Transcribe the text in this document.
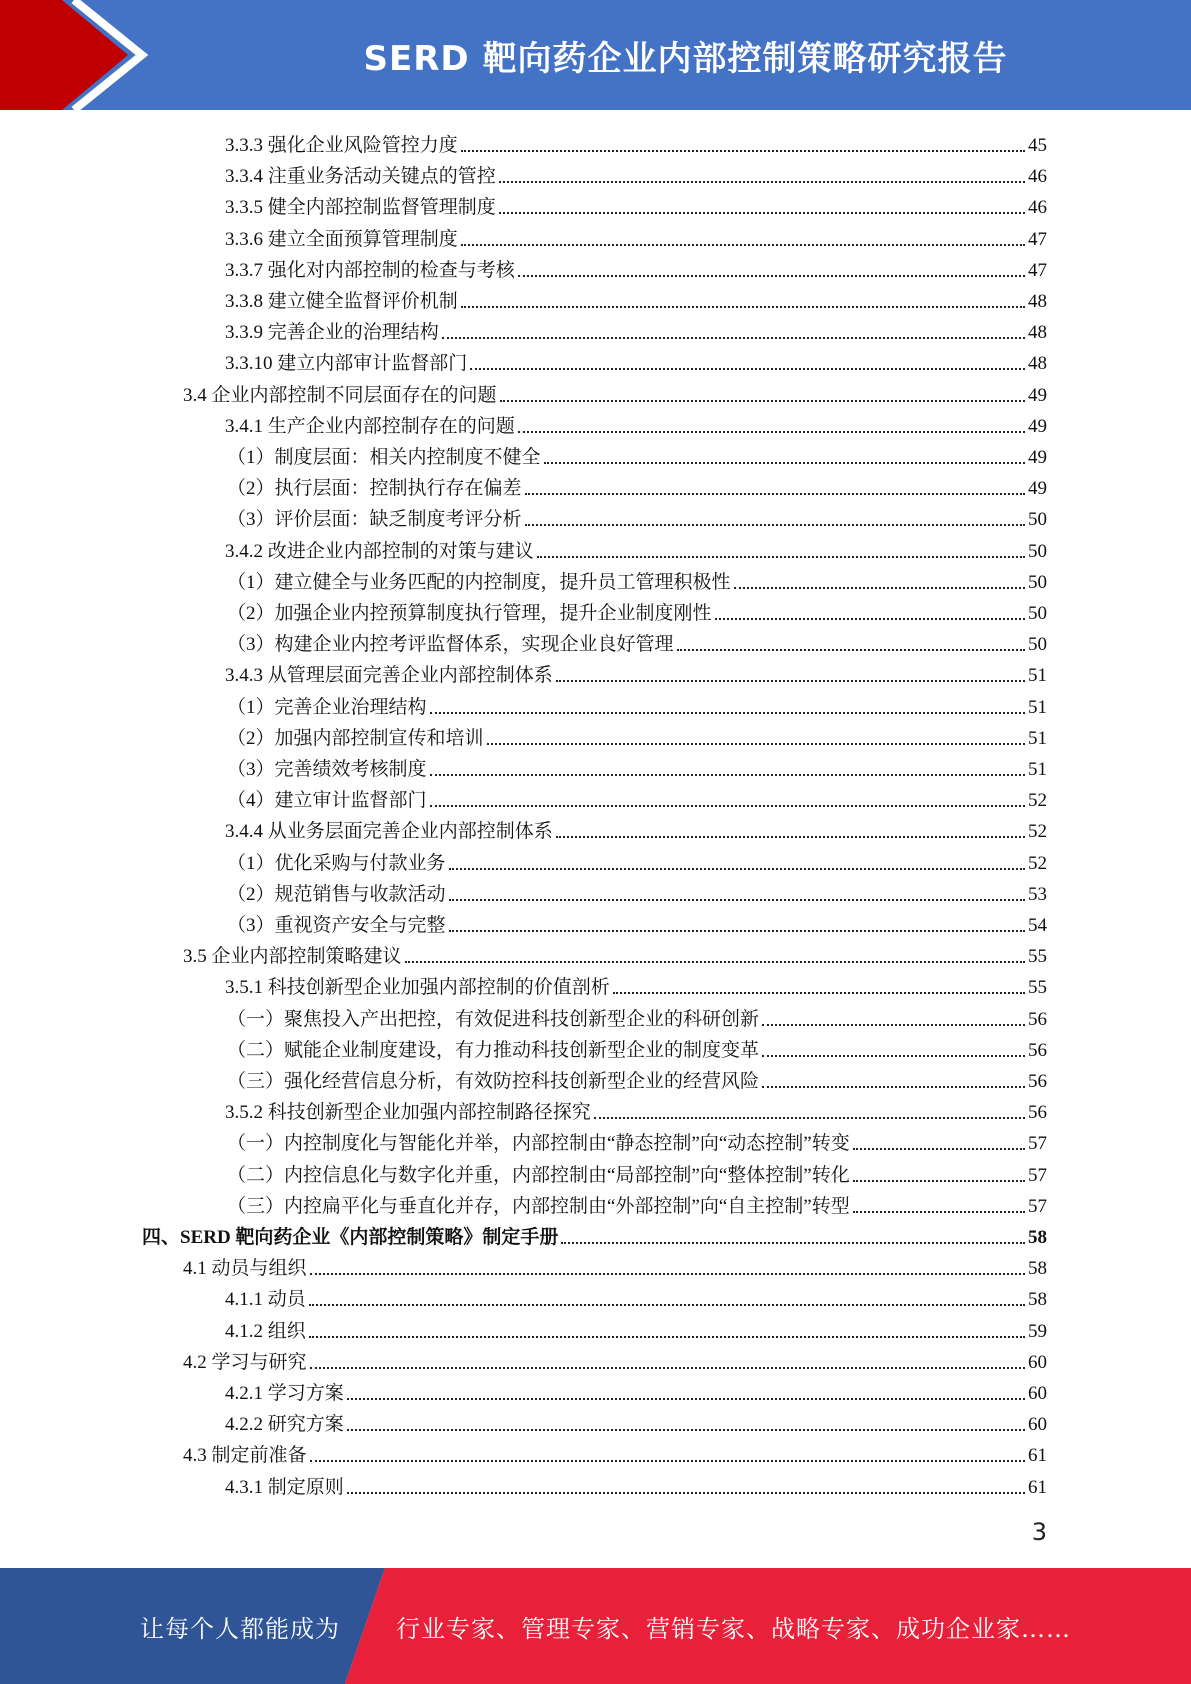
SERD 靶向药企业内部控制策略研究报告
3.3.3 强化企业风险管控力度	45
3.3.4 注重业务活动关键点的管控	46
3.3.5 健全内部控制监督管理制度	46
3.3.6 建立全面预算管理制度	47
3.3.7 强化对内部控制的检查与考核	47
3.3.8 建立健全监督评价机制	48
3.3.9 完善企业的治理结构	48
3.3.10 建立内部审计监督部门	48
3.4 企业内部控制不同层面存在的问题	49
3.4.1 生产企业内部控制存在的问题	49
（1）制度层面：相关内控制度不健全	49
（2）执行层面：控制执行存在偏差	49
（3）评价层面：缺乏制度考评分析	50
3.4.2 改进企业内部控制的对策与建议	50
（1）建立健全与业务匹配的内控制度，提升员工管理积极性	50
（2）加强企业内控预算制度执行管理，提升企业制度刚性	50
（3）构建企业内控考评监督体系，实现企业良好管理	50
3.4.3 从管理层面完善企业内部控制体系	51
（1）完善企业治理结构	51
（2）加强内部控制宣传和培训	51
（3）完善绩效考核制度	51
（4）建立审计监督部门	52
3.4.4 从业务层面完善企业内部控制体系	52
（1）优化采购与付款业务	52
（2）规范销售与收款活动	53
（3）重视资产安全与完整	54
3.5 企业内部控制策略建议	55
3.5.1 科技创新型企业加强内部控制的价值剖析	55
（一）聚焦投入产出把控，有效促进科技创新型企业的科研创新	56
（二）赋能企业制度建设，有力推动科技创新型企业的制度变革	56
（三）强化经营信息分析，有效防控科技创新型企业的经营风险	56
3.5.2 科技创新型企业加强内部控制路径探究	56
（一）内控制度化与智能化并举，内部控制由“静态控制”向“动态控制”转变	57
（二）内控信息化与数字化并重，内部控制由“局部控制”向“整体控制”转化	57
（三）内控扁平化与垂直化并存，内部控制由“外部控制”向“自主控制”转型	57
四、SERD 靶向药企业《内部控制策略》制定手册	58
4.1 动员与组织	58
4.1.1 动员	58
4.1.2 组织	59
4.2 学习与研究	60
4.2.1 学习方案	60
4.2.2 研究方案	60
4.3 制定前准备	61
4.3.1 制定原则	61
3
让每个人都能成为 行业专家、管理专家、营销专家、战略专家、成功企业家……
